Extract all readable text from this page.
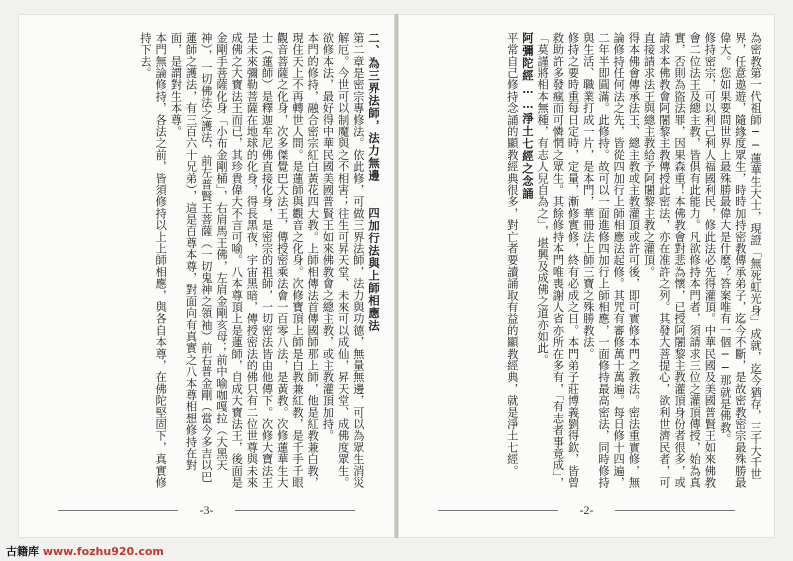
二、為三界法師，法力無邊　　四加行法與上師相應法

第二章是密宗專修法。依此修，可做三界法師，法力與功德，無量無邊，可以為眾生消災解厄。今世可以制魔與之不相害；往生可昇天堂、未來可以成仙，昇天堂、成佛度眾生。欲修本法，最好得中華民國美國普賢王如來佛教會之總主教，或主教灌頂加持。

本門的修持，融合密宗紅白黃花四大教。上師相傳法首傳國師那上師，他是紅教兼白教，現住天上不再轉世人間。是蓮師與觀音之化身。次修寶頂上師是白教兼紅教，是千手千眼觀音菩薩之化身，次多傑覺巴大法王，傳授密乘法會一百零八法，是黃教。次修蓮華生大士（蓮師）是釋迦牟尼佛直接化身，是密宗的祖師，一切密法皆由他傳下。次修大寶法王是未來彌勒菩薩在地球的化身，得長黑夜，宇宙黑暗，傳授密法的佛只有二位世尊與未來成佛之大寶法王而已，其珍貴偉大不言可喻。八本尊頂上是蓮師，自成大寶法王，後面是金剛手菩薩化身「小布金剛桶」，右肩馬王佛，左肩金剛亥母；前中喻咖嘎拉（大黑天神），一切佛法之護法，前左普賢王菩薩（一切鬼神之領袖）前右普金剛（當今多吉以巴蓮師之護法，有三百六十兄弟），這是百尊本尊，對面向有真實之八本尊相想修持在對面，是謂對生本尊。

本門無論修持，各法之前，皆須修持以上上師相應，與各自本尊，在佛陀堅固下，真實修持下去。

-3-

為密教第一代祖師──蓮華生大士，現證「無死虹光身」成就，迄今猶存，三千大千世界，任意遨遊，隨緣度眾生，時時加持密教傳承弟子，迄今不斷，是故密教密宗最殊勝最偉大。您如果要問世界上最殊勝最偉大是什麼？答案唯有一個──那就是佛教。

修持密宗，可以利己利人福國利民，修此法必先得灌頂。中華民國及美國普賢王如來佛教會二位法王及總主教，皆俱有此能力。凡欲修持本門者，須請求三位之灌頂傳授，始為真實，否則為盜法罪，因果森重！本佛教會對悲為懷，已授阿闍黎主教灌頂身份者很多，或請求本佛教會阿闍黎主教傳授此密法，亦在准許之列。其發大菩提心，欲利世濟民者，可直接請求法王與總主教給予阿闍黎主教之灌頂。

得本佛會傳承法王、總主教或主教灌頂或許可後，即可實修本門之教法。密法重實修，無論修持任何法之先，皆從四加行上師相應法起修。其咒有審修萬十萬遍。每日修十四遍，二年半即圓滿。此修持。故可以一面進修四加行上師相應，一面修持最高密法，同時修持與生活、職業打成一片，是本門，華冊法上師三寶之殊勝教法。

修持之要時重每日定時，定量，漸修實修，終有必成之日。本門弟子莊博義劉得欽，皆曾救助許多發瘋而可憐惘之眾生。其餘修持本門唯喪謝人省亦所在多有，「有志者事竟成」，「莫謹將相本無種，有志人兒自為之」，堪興及成佛之道亦如此。

阿彌陀經……淨土七經之念誦

平常自己修持念誦的顯教經典很多，對亡者要讀誦取有益的顯教經典，就是淨土七經。

-2-
古籍库 www.fozhu920.com
